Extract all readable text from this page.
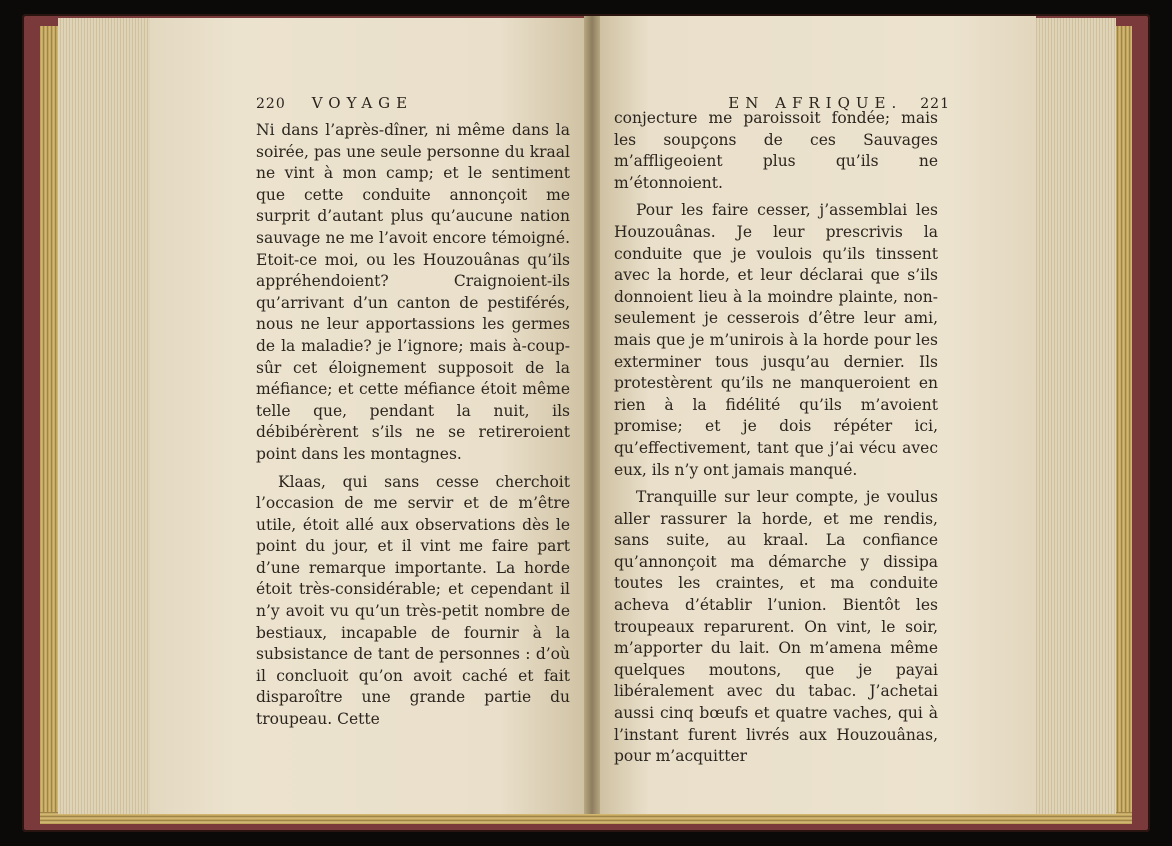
220 VOYAGE	EN AFRIQUE. 221

Ni dans l’après-dîner, ni même dans la soirée, pas une seule personne du kraal ne vint à mon camp; et le sentiment que cette conduite annonçoit me surprit d’autant plus qu’aucune nation sauvage ne me l’avoit encore témoigné. Etoit-ce moi, ou les Houzouânas qu’ils appréhendoient? Craignoient-ils qu’arrivant d’un canton de pestiférés, nous ne leur apportassions les germes de la maladie? je l’ignore; mais à-coup-sûr cet éloignement supposoit de la méfiance; et cette méfiance étoit même telle que, pendant la nuit, ils débibérèrent s’ils ne se retireroient point dans les montagnes.

Klaas, qui sans cesse cherchoit l’occasion de me servir et de m’être utile, étoit allé aux observations dès le point du jour, et il vint me faire part d’une remarque importante. La horde étoit très-considérable; et cependant il n’y avoit vu qu’un très-petit nombre de bestiaux, incapable de fournir à la subsistance de tant de personnes : d’où il concluoit qu’on avoit caché et fait disparoître une grande partie du troupeau. Cette

conjecture me paroissoit fondée; mais les soupçons de ces Sauvages m’affligeoient plus qu’ils ne m’étonnoient.

Pour les faire cesser, j’assemblai les Houzouânas. Je leur prescrivis la conduite que je voulois qu’ils tinssent avec la horde, et leur déclarai que s’ils donnoient lieu à la moindre plainte, non-seulement je cesserois d’être leur ami, mais que je m’unirois à la horde pour les exterminer tous jusqu’au dernier. Ils protestèrent qu’ils ne manqueroient en rien à la fidélité qu’ils m’avoient promise; et je dois répéter ici, qu’effectivement, tant que j’ai vécu avec eux, ils n’y ont jamais manqué.

Tranquille sur leur compte, je voulus aller rassurer la horde, et me rendis, sans suite, au kraal. La confiance qu’annonçoit ma démarche y dissipa toutes les craintes, et ma conduite acheva d’établir l’union. Bientôt les troupeaux reparurent. On vint, le soir, m’apporter du lait. On m’amena même quelques moutons, que je payai libéralement avec du tabac. J’achetai aussi cinq bœufs et quatre vaches, qui à l’instant furent livrés aux Houzouânas, pour m’acquitter
